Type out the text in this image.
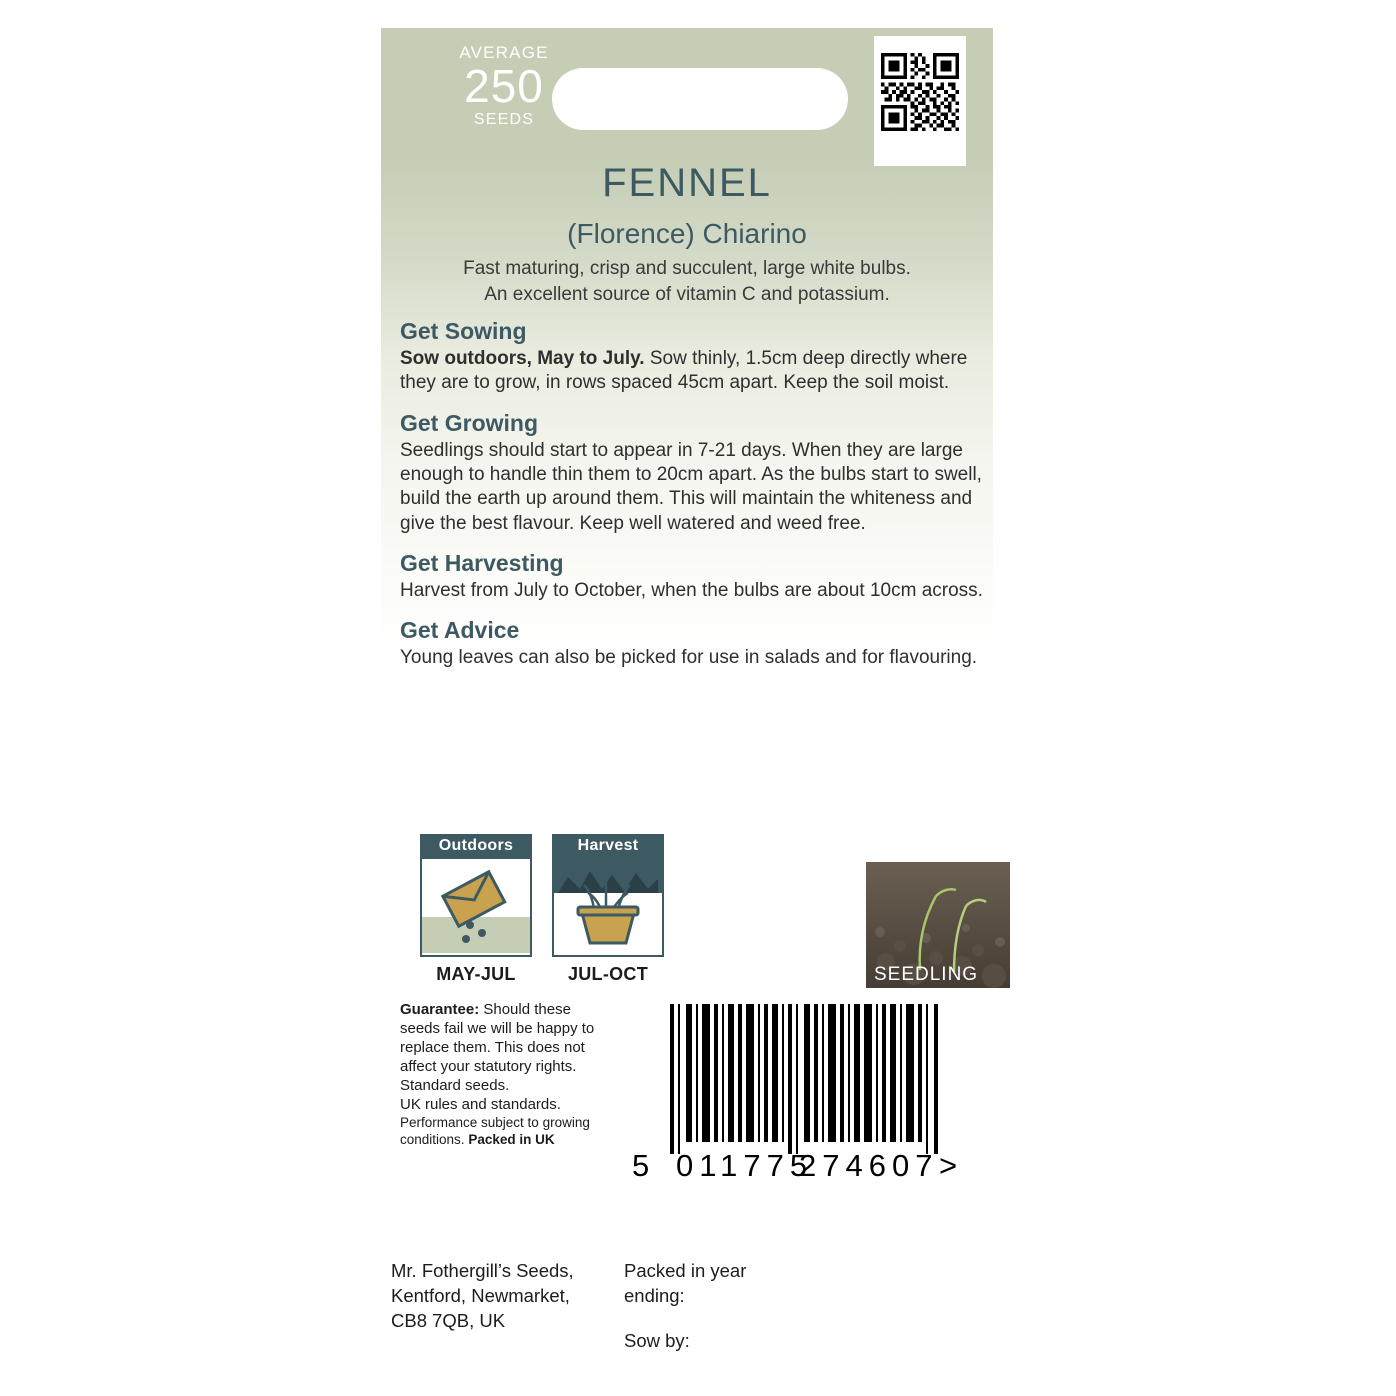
AVERAGE
250
SEEDS
FENNEL
(Florence) Chiarino
Fast maturing, crisp and succulent, large white bulbs.
An excellent source of vitamin C and potassium.
Get Sowing

Sow outdoors, May to July. Sow thinly, 1.5cm deep directly where they are to grow, in rows spaced 45cm apart. Keep the soil moist.

Get Growing

Seedlings should start to appear in 7-21 days. When they are large enough to handle thin them to 20cm apart. As the bulbs start to swell, build the earth up around them. This will maintain the whiteness and give the best flavour. Keep well watered and weed free.

Get Harvesting

Harvest from July to October, when the bulbs are about 10cm across.

Get Advice

Young leaves can also be picked for use in salads and for flavouring.

Outdoors
MAY-JUL
Harvest
JUL-OCT	SEEDLING
Guarantee: Should these seeds fail we will be happy to replace them. This does not affect your statutory rights.
Standard seeds.
UK rules and standards.
Performance subject to growing conditions. Packed in UK
5 011775
274607 >
Mr. Fothergill’s Seeds,
Kentford, Newmarket,
CB8 7QB, UK
Packed in year
ending:
Sow by:
